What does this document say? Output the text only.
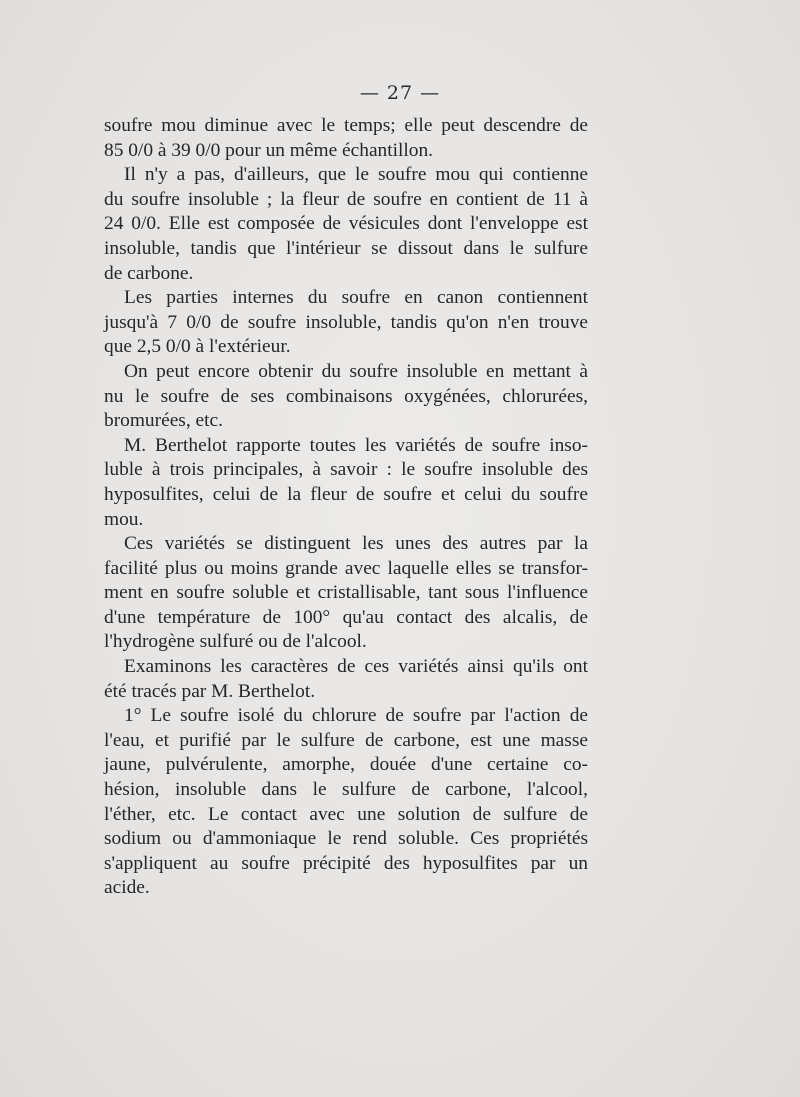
— 27 —
soufre mou diminue avec le temps; elle peut descendre de
85 0/0 à 39 0/0 pour un même échantillon.
Il n'y a pas, d'ailleurs, que le soufre mou qui contienne
du soufre insoluble ; la fleur de soufre en contient de 11 à
24 0/0. Elle est composée de vésicules dont l'enveloppe est
insoluble, tandis que l'intérieur se dissout dans le sulfure
de carbone.
Les parties internes du soufre en canon contiennent
jusqu'à 7 0/0 de soufre insoluble, tandis qu'on n'en trouve
que 2,5 0/0 à l'extérieur.
On peut encore obtenir du soufre insoluble en mettant à
nu le soufre de ses combinaisons oxygénées, chlorurées,
bromurées, etc.
M. Berthelot rapporte toutes les variétés de soufre inso-
luble à trois principales, à savoir : le soufre insoluble des
hyposulfites, celui de la fleur de soufre et celui du soufre
mou.
Ces variétés se distinguent les unes des autres par la
facilité plus ou moins grande avec laquelle elles se transfor-
ment en soufre soluble et cristallisable, tant sous l'influence
d'une température de 100° qu'au contact des alcalis, de
l'hydrogène sulfuré ou de l'alcool.
Examinons les caractères de ces variétés ainsi qu'ils ont
été tracés par M. Berthelot.
1° Le soufre isolé du chlorure de soufre par l'action de
l'eau, et purifié par le sulfure de carbone, est une masse
jaune, pulvérulente, amorphe, douée d'une certaine co-
hésion, insoluble dans le sulfure de carbone, l'alcool,
l'éther, etc. Le contact avec une solution de sulfure de
sodium ou d'ammoniaque le rend soluble. Ces propriétés
s'appliquent au soufre précipité des hyposulfites par un
acide.
